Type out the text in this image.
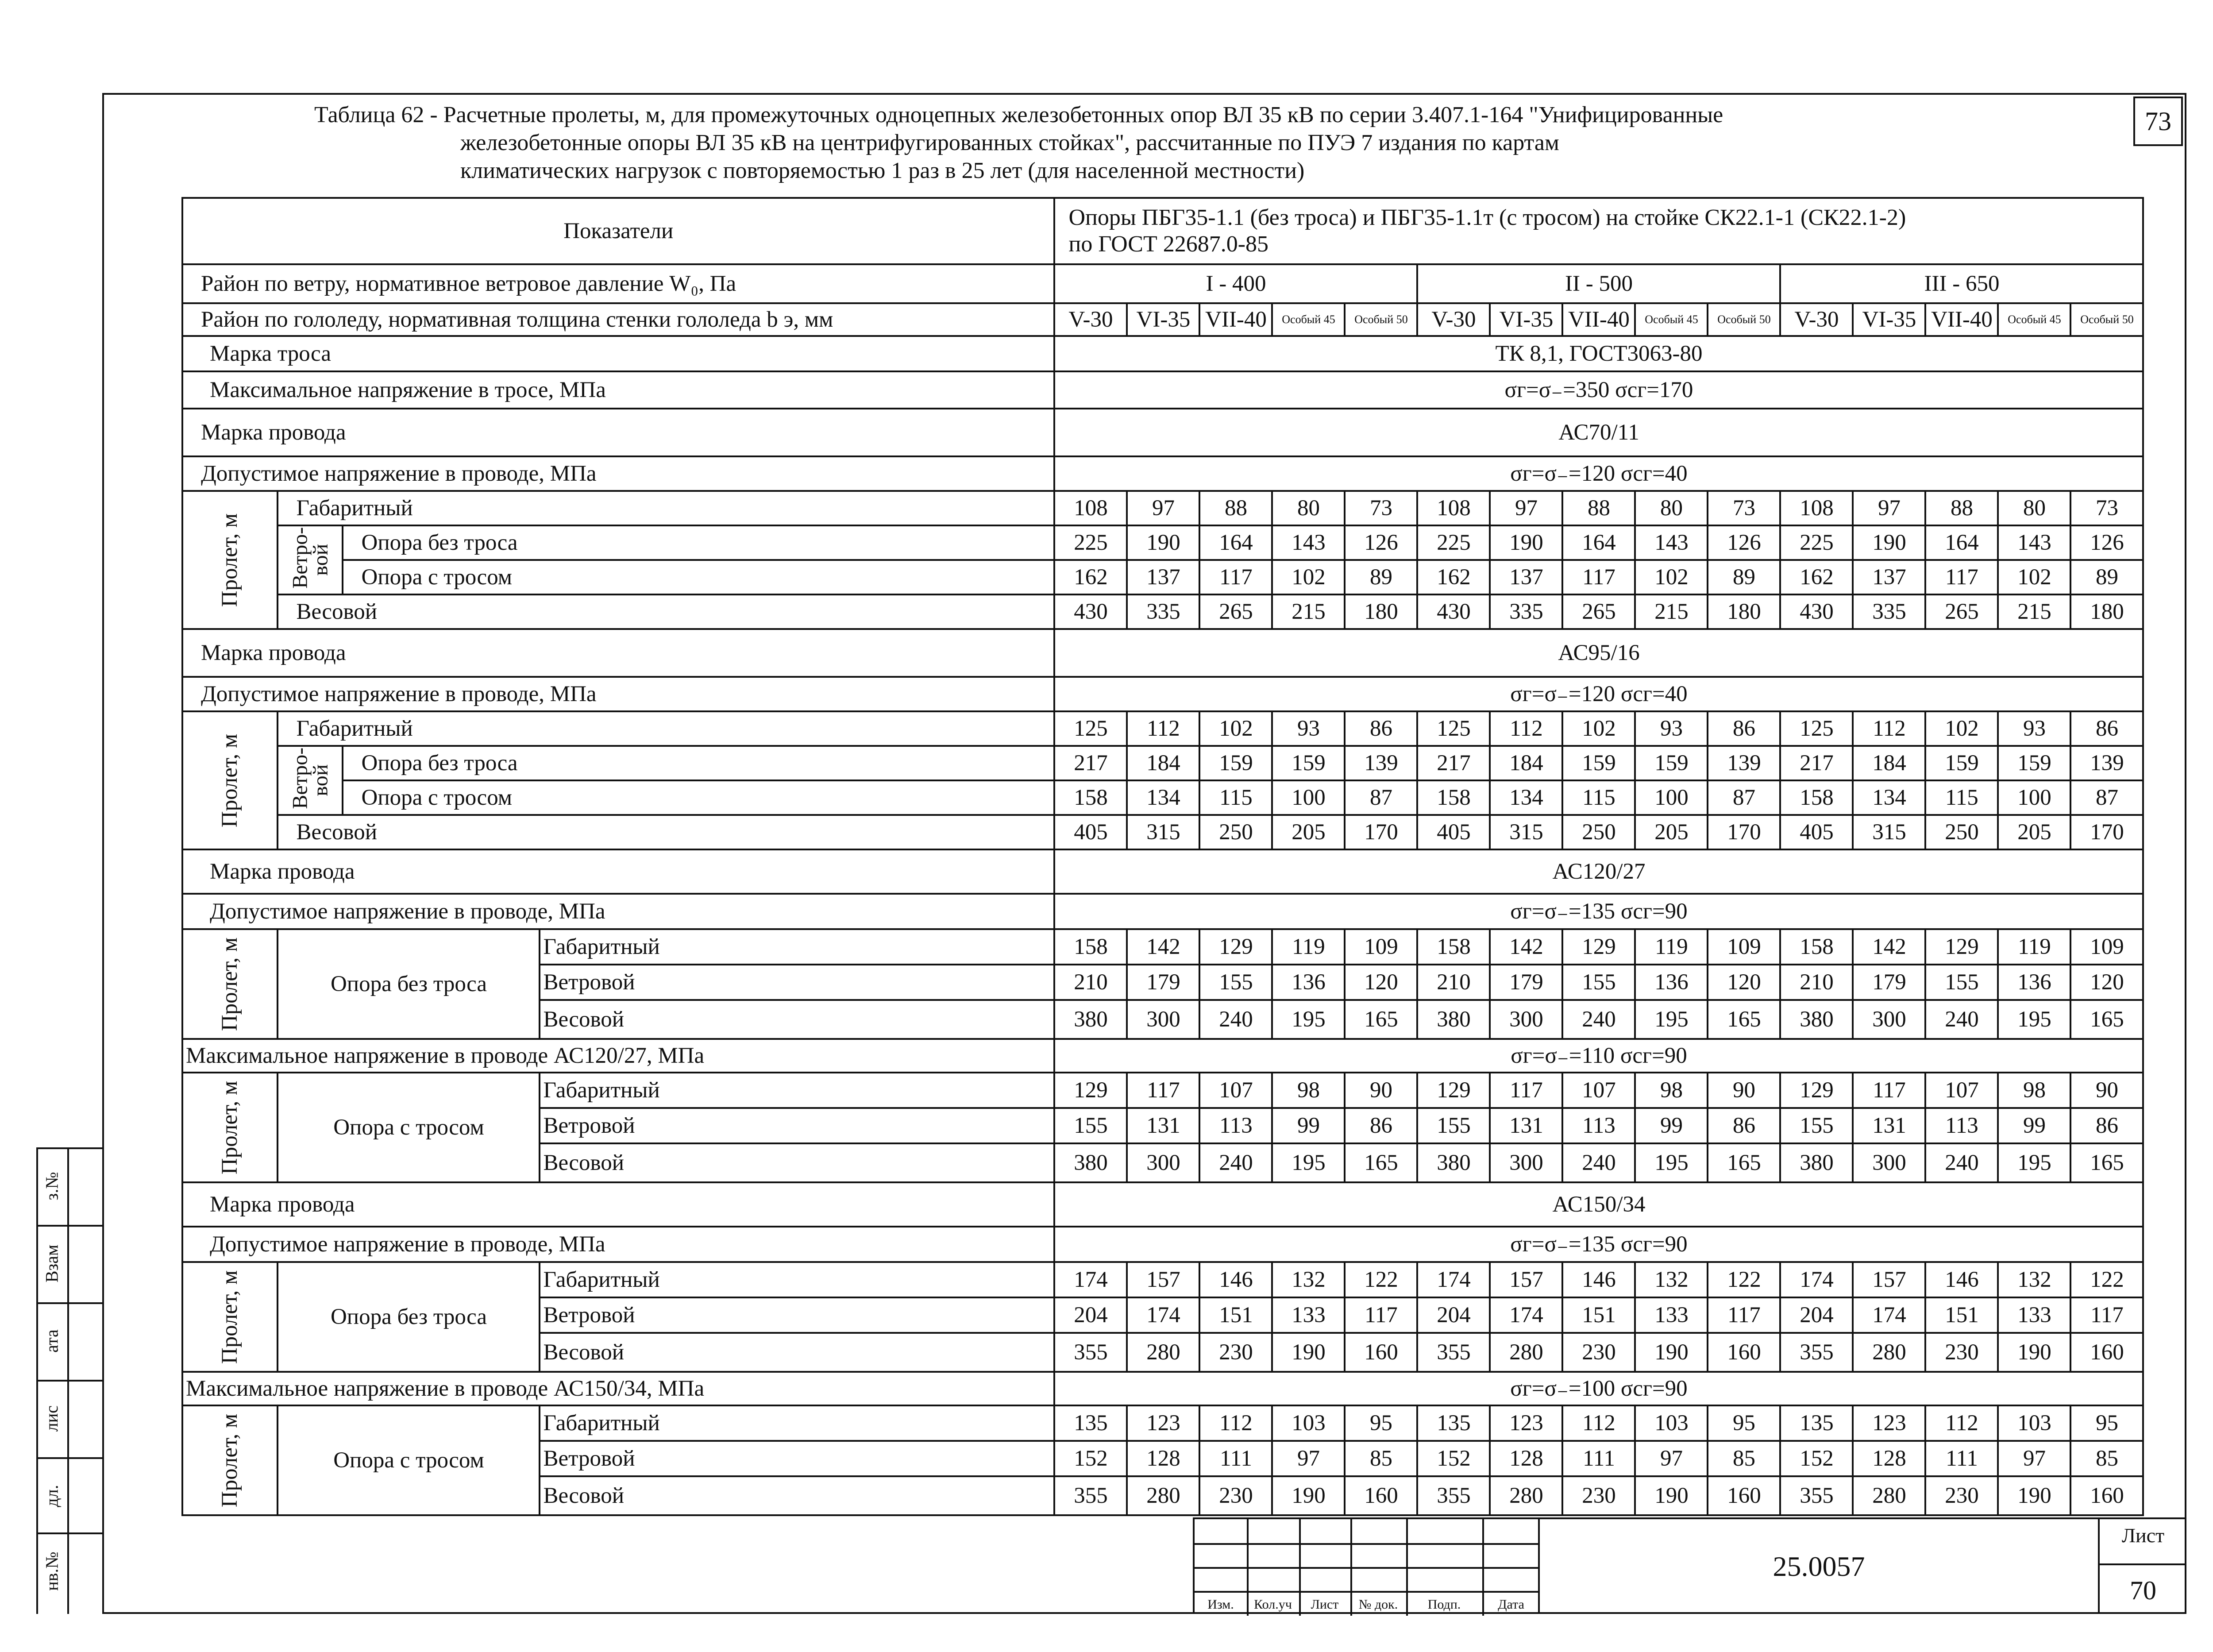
73
Таблица 62 - Расчетные пролеты, м, для промежуточных одноцепных железобетонных опор ВЛ 35 кВ по серии 3.407.1-164 "Унифицированные
железобетонные опоры ВЛ 35 кВ на центрифугированных стойках", рассчитанные по ПУЭ 7 издания по картам
климатических нагрузок с повторяемостью 1 раз в 25 лет (для населенной местности)
Показатели				Опоры ПБГ35-1.1 (без троса) и ПБГ35-1.1т (с тросом) на стойке СК22.1-1 (СК22.1-2)
по ГОСТ 22687.0-85														

Район по ветру, нормативное ветровое давление W₀, Па				I - 400					II - 500					III - 650				
Район по гололеду, нормативная толщина стенки гололеда b э, мм				V-30	VI-35	VII-40	Особый 45	Особый 50	V-30	VI-35	VII-40	Особый 45	Особый 50	V-30	VI-35	VII-40	Особый 45	Особый 50
Марка троса				ТК 8,1, ГОСТ3063-80														
Максимальное напряжение в тросе, МПа				σг=σ₋=350 σсг=170														
Марка провода				АС70/11														
Допустимое напряжение в проводе, МПа				σг=σ₋=120 σсг=40														
Пролет, м	Габаритный			108	97	88	80	73	108	97	88	80	73	108	97	88	80	73
	Ветро-вой	Опора без троса		225	190	164	143	126	225	190	164	143	126	225	190	164	143	126
		Опора с тросом		162	137	117	102	89	162	137	117	102	89	162	137	117	102	89
	Весовой			430	335	265	215	180	430	335	265	215	180	430	335	265	215	180
Марка провода				АС95/16														
Допустимое напряжение в проводе, МПа				σг=σ₋=120 σсг=40														
Пролет, м	Габаритный			125	112	102	93	86	125	112	102	93	86	125	112	102	93	86
	Ветро-вой	Опора без троса		217	184	159	159	139	217	184	159	159	139	217	184	159	159	139
		Опора с тросом		158	134	115	100	87	158	134	115	100	87	158	134	115	100	87
	Весовой			405	315	250	205	170	405	315	250	205	170	405	315	250	205	170
Марка провода				АС120/27														
Допустимое напряжение в проводе, МПа				σг=σ₋=135 σсг=90														
Пролет, м	Опора без троса		Габаритный	158	142	129	119	109	158	142	129	119	109	158	142	129	119	109
			Ветровой	210	179	155	136	120	210	179	155	136	120	210	179	155	136	120
			Весовой	380	300	240	195	165	380	300	240	195	165	380	300	240	195	165
Максимальное напряжение в проводе АС120/27, МПа				σг=σ₋=110 σсг=90														
Пролет, м	Опора с тросом		Габаритный	129	117	107	98	90	129	117	107	98	90	129	117	107	98	90
			Ветровой	155	131	113	99	86	155	131	113	99	86	155	131	113	99	86
			Весовой	380	300	240	195	165	380	300	240	195	165	380	300	240	195	165
Марка провода				АС150/34														
Допустимое напряжение в проводе, МПа				σг=σ₋=135 σсг=90														
Пролет, м	Опора без троса		Габаритный	174	157	146	132	122	174	157	146	132	122	174	157	146	132	122
			Ветровой	204	174	151	133	117	204	174	151	133	117	204	174	151	133	117
			Весовой	355	280	230	190	160	355	280	230	190	160	355	280	230	190	160
Максимальное напряжение в проводе АС150/34, МПа				σг=σ₋=100 σсг=90														
Пролет, м	Опора с тросом		Габаритный	135	123	112	103	95	135	123	112	103	95	135	123	112	103	95
			Ветровой	152	128	111	97	85	152	128	111	97	85	152	128	111	97	85
			Весовой	355	280	230	190	160	355	280	230	190	160	355	280	230	190	160
з.№
Взам
ата
лис
дл.
нв.№
Изм.	Кол.уч	Лист	№ док.	Подп.	Дата
25.0057
Лист
70
